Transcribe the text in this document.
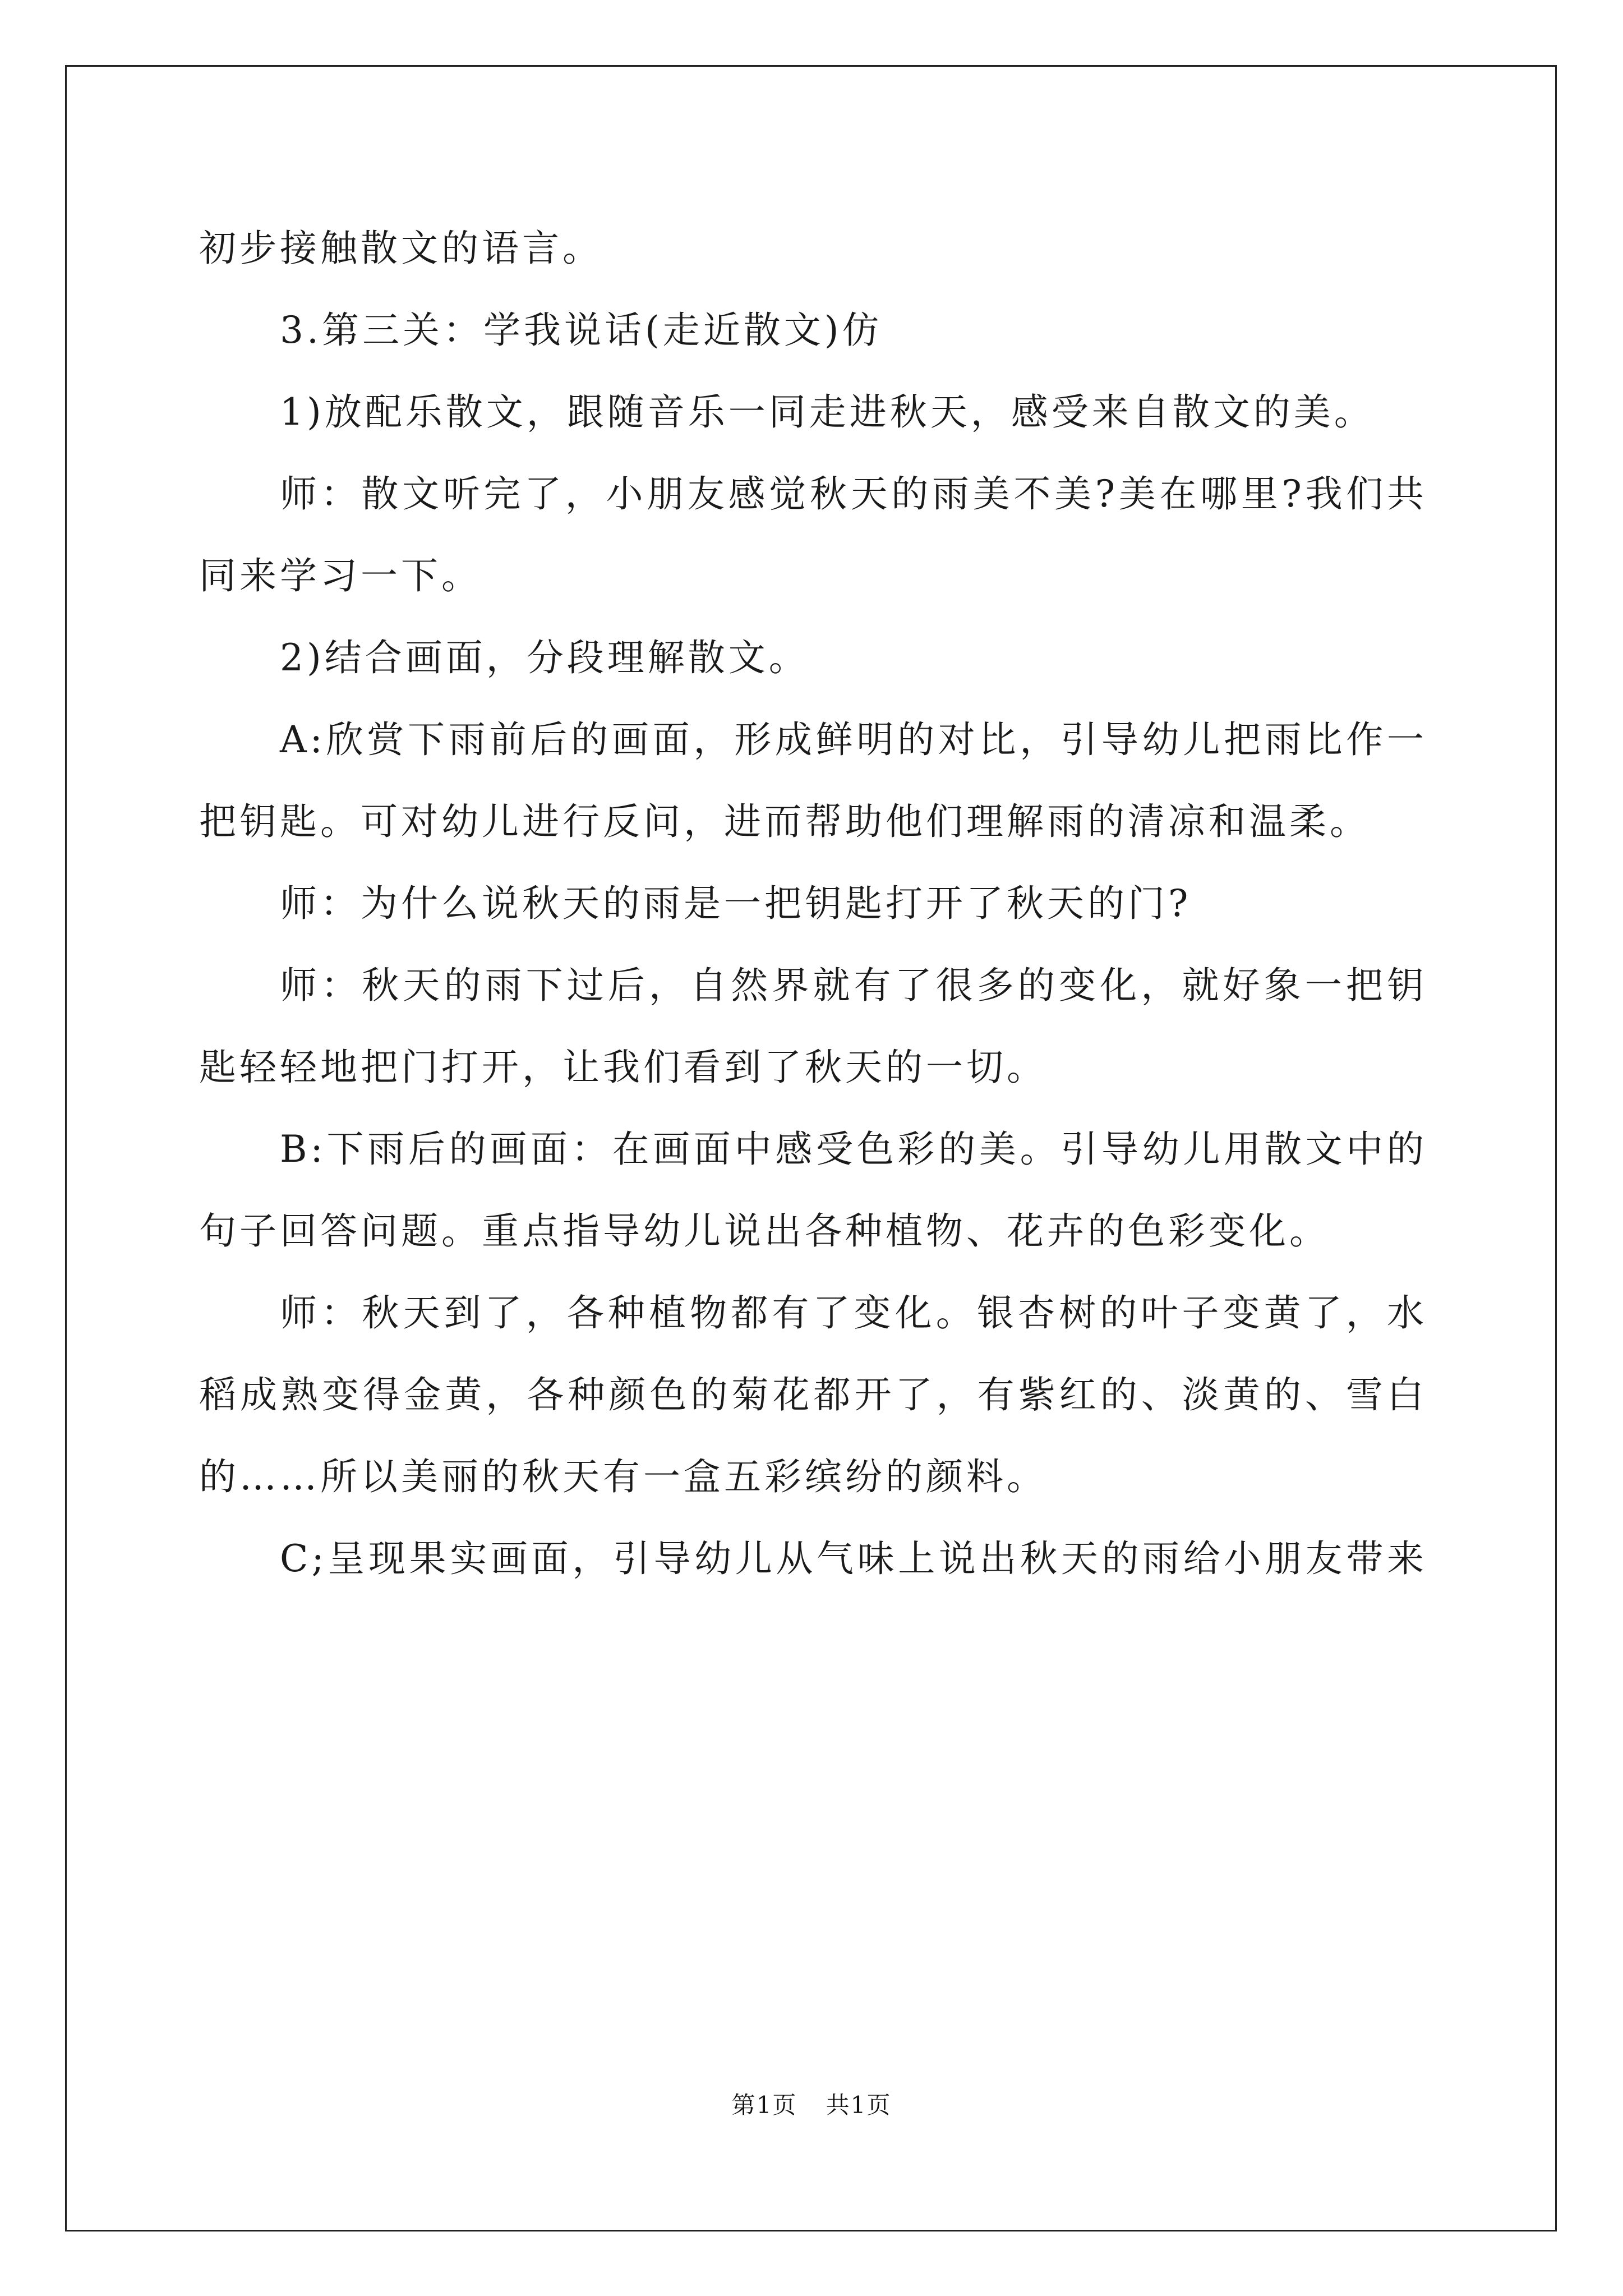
初步接触散文的语言。
3.第三关：学我说话(走近散文)仿
1)放配乐散文，跟随音乐一同走进秋天，感受来自散文的美。
师：散文听完了，小朋友感觉秋天的雨美不美?美在哪里?我们共
同来学习一下。
2)结合画面，分段理解散文。
A:欣赏下雨前后的画面，形成鲜明的对比，引导幼儿把雨比作一
把钥匙。可对幼儿进行反问，进而帮助他们理解雨的清凉和温柔。
师：为什么说秋天的雨是一把钥匙打开了秋天的门?
师：秋天的雨下过后，自然界就有了很多的变化，就好象一把钥
匙轻轻地把门打开，让我们看到了秋天的一切。
B:下雨后的画面：在画面中感受色彩的美。引导幼儿用散文中的
句子回答问题。重点指导幼儿说出各种植物、花卉的色彩变化。
师：秋天到了，各种植物都有了变化。银杏树的叶子变黄了，水
稻成熟变得金黄，各种颜色的菊花都开了，有紫红的、淡黄的、雪白
的……所以美丽的秋天有一盒五彩缤纷的颜料。
C;呈现果实画面，引导幼儿从气味上说出秋天的雨给小朋友带来
第1页 共1页
